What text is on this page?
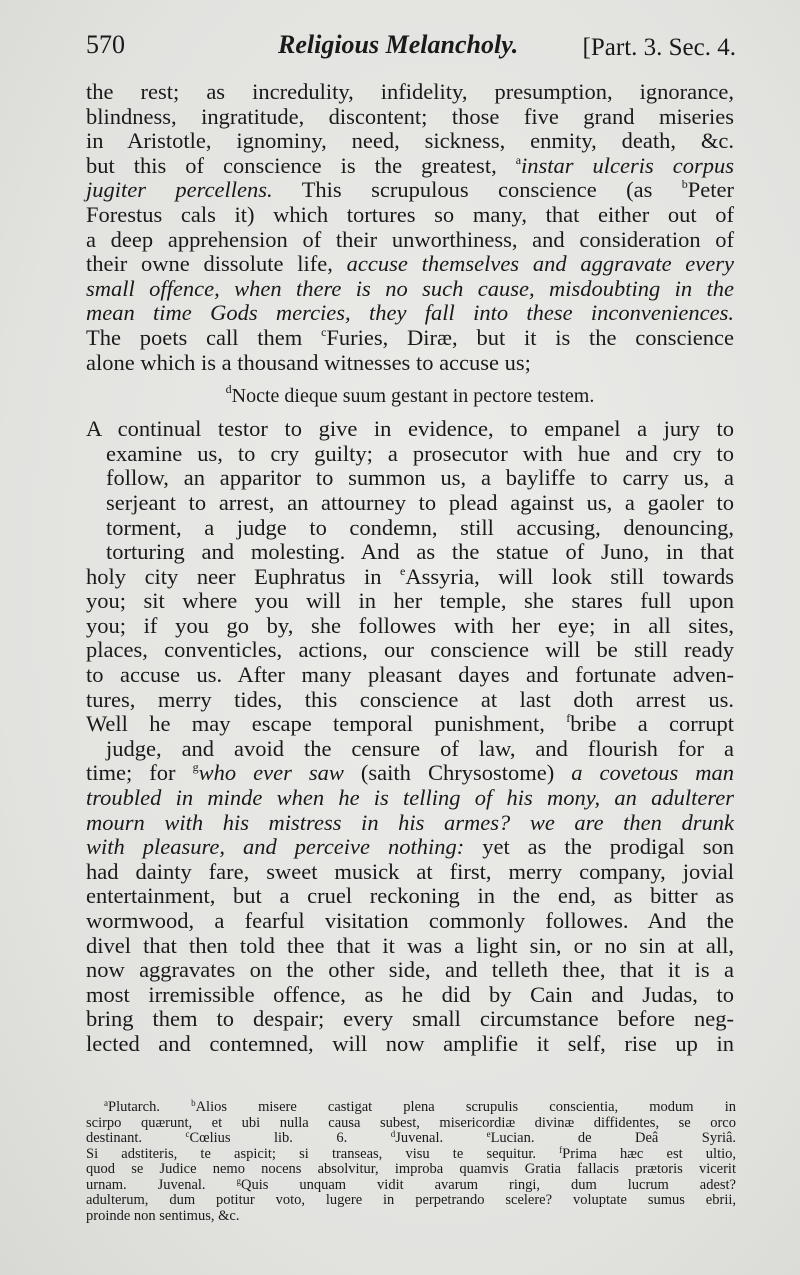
570	Religious Melancholy.	[Part. 3. Sec. 4.
the rest; as incredulity, infidelity, presumption, ignorance,
blindness, ingratitude, discontent; those five grand miseries
in Aristotle, ignominy, need, sickness, enmity, death, &c.
but this of conscience is the greatest, $^a$instar ulceris corpus
jugiter percellens. This scrupulous conscience (as $^b$Peter
Forestus cals it) which tortures so many, that either out of
a deep apprehension of their unworthiness, and consideration of
their owne dissolute life, accuse themselves and aggravate every
small offence, when there is no such cause, misdoubting in the
mean time Gods mercies, they fall into these inconveniences.
The poets call them $^c$Furies, Diræ, but it is the conscience
alone which is a thousand witnesses to accuse us;
$^d$Nocte dieque suum gestant in pectore testem.
A continual testor to give in evidence, to empanel a jury to
examine us, to cry guilty; a prosecutor with hue and cry to
follow, an apparitor to summon us, a bayliffe to carry us, a
serjeant to arrest, an attourney to plead against us, a gaoler to
torment, a judge to condemn, still accusing, denouncing,
torturing and molesting. And as the statue of Juno, in that
holy city neer Euphratus in $^e$Assyria, will look still towards
you; sit where you will in her temple, she stares full upon
you; if you go by, she followes with her eye; in all sites,
places, conventicles, actions, our conscience will be still ready
to accuse us. After many pleasant dayes and fortunate adven-
tures, merry tides, this conscience at last doth arrest us.
Well he may escape temporal punishment, $^f$bribe a corrupt
judge, and avoid the censure of law, and flourish for a
time; for $^g$who ever saw (saith Chrysostome) a covetous man
troubled in minde when he is telling of his mony, an adulterer
mourn with his mistress in his armes? we are then drunk
with pleasure, and perceive nothing: yet as the prodigal son
had dainty fare, sweet musick at first, merry company, jovial
entertainment, but a cruel reckoning in the end, as bitter as
wormwood, a fearful visitation commonly followes. And the
divel that then told thee that it was a light sin, or no sin at all,
now aggravates on the other side, and telleth thee, that it is a
most irremissible offence, as he did by Cain and Judas, to
bring them to despair; every small circumstance before neg-
lected and contemned, will now amplifie it self, rise up in
$^a$Plutarch.	$^b$Alios misere castigat plena scrupulis conscientia, modum in
scirpo quærunt, et ubi nulla causa subest, misericordiæ divinæ diffidentes, se orco
destinant.	$^c$Cœlius lib. 6.	$^d$Juvenal.	$^e$Lucian. de Deâ Syriâ.
Si adstiteris, te aspicit; si transeas, visu te sequitur.	$^f$Prima hæc est ultio,
quod se Judice nemo nocens absolvitur, improba quamvis Gratia fallacis prætoris vicerit
urnam. Juvenal.	$^g$Quis unquam vidit avarum ringi, dum lucrum adest?
adulterum, dum potitur voto, lugere in perpetrando scelere? voluptate sumus ebrii,
proinde non sentimus, &c.
